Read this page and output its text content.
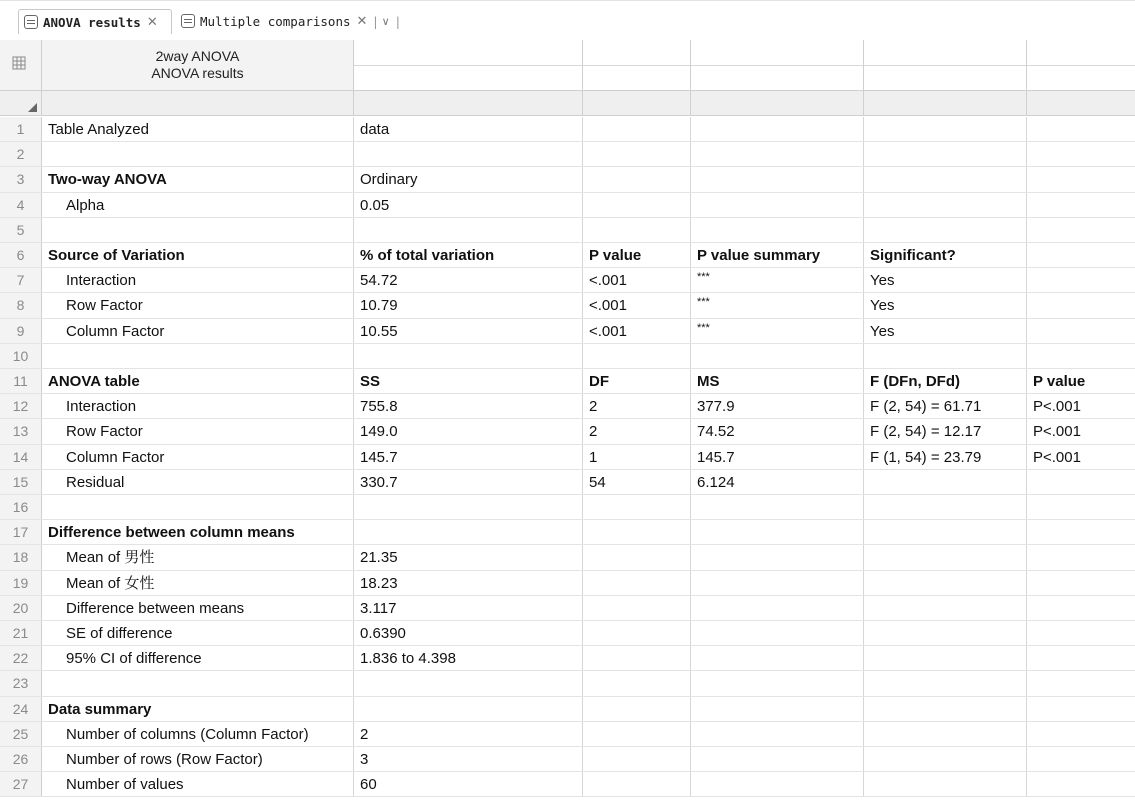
ANOVA results ✕	Multiple comparisons ✕ | ∨ |
2way ANOVA
ANOVA results
1	Table Analyzed	data
2
3	Two-way ANOVA	Ordinary
4	Alpha	0.05
5
6	Source of Variation	% of total variation	P value	P value summary	Significant?
7	Interaction	54.72	<.001	***	Yes
8	Row Factor	10.79	<.001	***	Yes
9	Column Factor	10.55	<.001	***	Yes
10
11	ANOVA table	SS	DF	MS	F (DFn, DFd)	P value
12	Interaction	755.8	2	377.9	F (2, 54) = 61.71	P<.001
13	Row Factor	149.0	2	74.52	F (2, 54) = 12.17	P<.001
14	Column Factor	145.7	1	145.7	F (1, 54) = 23.79	P<.001
15	Residual	330.7	54	6.124
16
17	Difference between column means
18	Mean of 男性	21.35
19	Mean of 女性	18.23
20	Difference between means	3.117
21	SE of difference	0.6390
22	95% CI of difference	1.836 to 4.398
23
24	Data summary
25	Number of columns (Column Factor)	2
26	Number of rows (Row Factor)	3
27	Number of values	60
